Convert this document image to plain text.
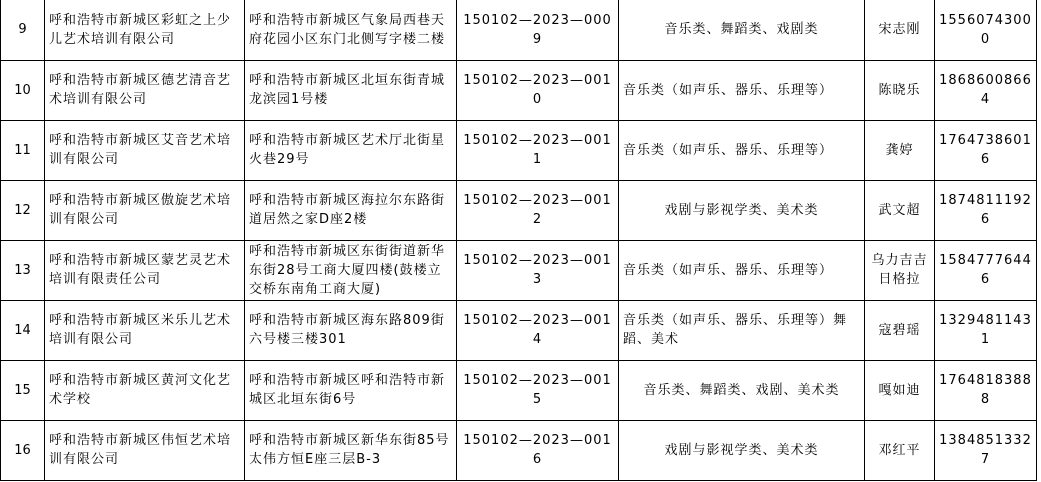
9	呼和浩特市新城区彩虹之上少儿艺术培训有限公司	呼和浩特市新城区气象局西巷天府花园小区东门北侧写字楼二楼	150102—2023—0009	音乐类、舞蹈类、戏剧类	宋志刚	15560743000
10	呼和浩特市新城区德艺清音艺术培训有限公司	呼和浩特市新城区北垣东街青城龙滨园1号楼	150102—2023—0010	音乐类（如声乐、器乐、乐理等）	陈晓乐	18686008664
11	呼和浩特市新城区艾音艺术培训有限公司	呼和浩特市新城区艺术厅北街星火巷29号	150102—2023—0011	音乐类（如声乐、器乐、乐理等）	龚婷	17647386016
12	呼和浩特市新城区傲旋艺术培训有限公司	呼和浩特市新城区海拉尔东路街道居然之家D座2楼	150102—2023—0012	戏剧与影视学类、美术类	武文超	18748111926
13	呼和浩特市新城区蒙艺灵艺术培训有限责任公司	呼和浩特市新城区东街街道新华东街28号工商大厦四楼(鼓楼立交桥东南角工商大厦)	150102—2023—0013	音乐类（如声乐、器乐、乐理等）	乌力吉吉日格拉	15847776446
14	呼和浩特市新城区米乐儿艺术培训有限公司	呼和浩特市新城区海东路809街六号楼三楼301	150102—2023—0014	音乐类（如声乐、器乐、乐理等）舞蹈、美术	寇碧瑶	13294811431
15	呼和浩特市新城区黄河文化艺术学校	呼和浩特市新城区呼和浩特市新城区北垣东街6号	150102—2023—0015	音乐类、舞蹈类、戏剧、美术类	嘎如迪	17648183888
16	呼和浩特市新城区伟恒艺术培训有限公司	呼和浩特市新城区新华东街85号太伟方恒E座三层B-3	150102—2023—0016	戏剧与影视学类、美术类	邓红平	13848513327
